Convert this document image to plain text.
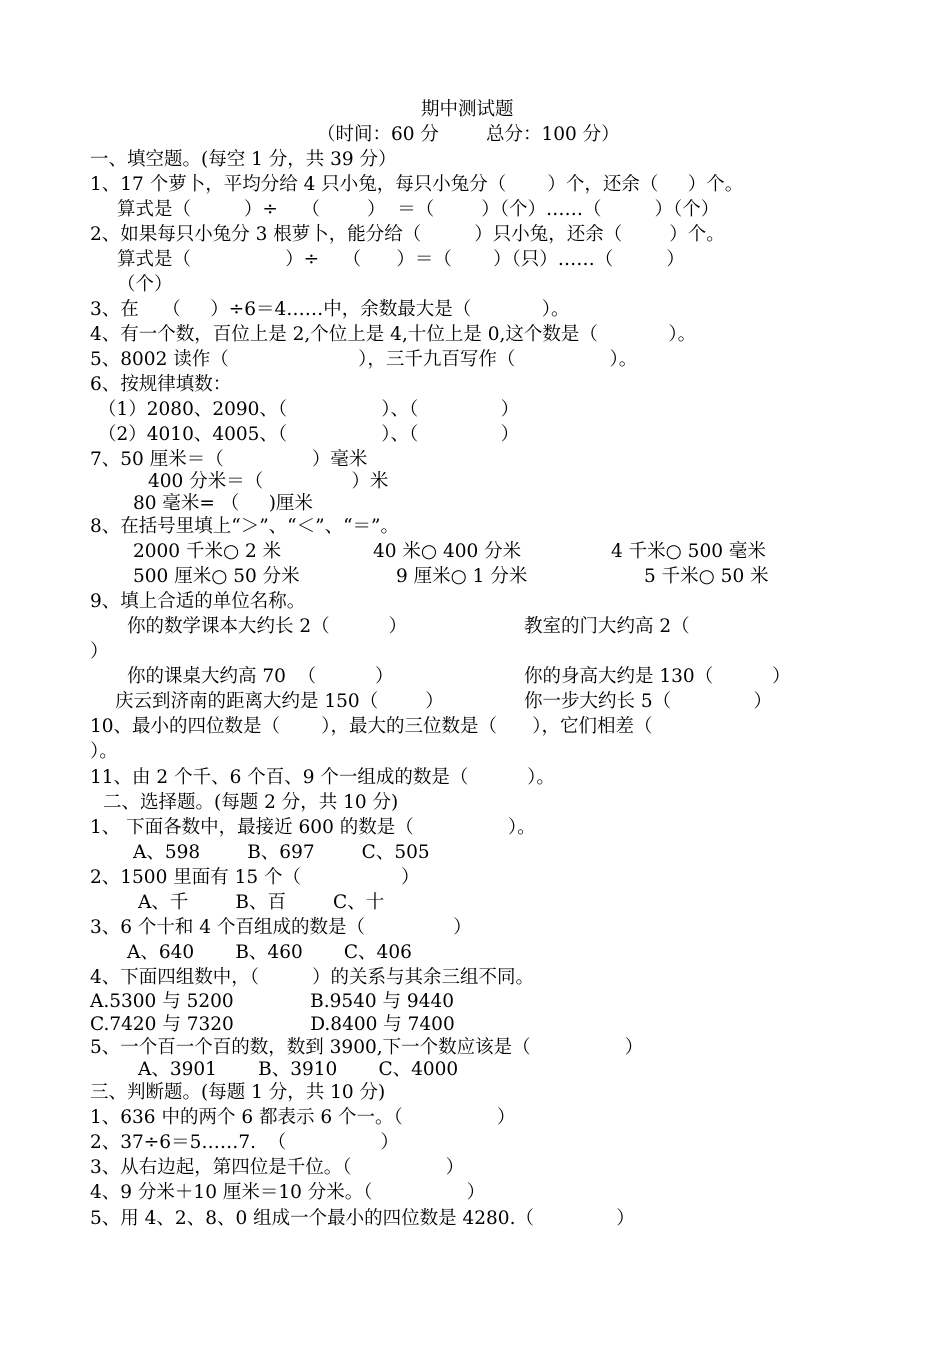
期中测试题
（时间：60 分        总分：100 分）
一、填空题。(每空 1 分，共 39 分）
1、17 个萝卜，平均分给 4 只小兔，每只小兔分（       ）个，还余（     ）个。
算式是（         ）÷    （        ）  ＝（        ）（个）……（         ）（个）
2、如果每只小兔分 3 根萝卜，能分给（         ）只小兔，还余（        ）个。
算式是（                ）÷    （      ）＝（       ）（只）……（         ）
（个）
3、在    （     ）÷6＝4……中，余数最大是（            ）。
4、有一个数，百位上是 2,个位上是 4,十位上是 0,这个数是（            ）。
5、8002 读作（                      ），三千九百写作（                ）。
6、按规律填数：
（1）2080、2090、（                ）、（              ）
（2）4010、4005、（                ）、（              ）
7、50 厘米＝（               ）毫米
400 分米＝（               ）米
80 毫米= （     )厘米
8、在括号里填上“＞”、“＜”、“＝”。
2000 千米○ 2 米	40 米○ 400 分米	4 千米○ 500 毫米
500 厘米○ 50 分米	9 厘米○ 1 分米	5 千米○ 50 米
9、填上合适的单位名称。
你的数学课本大约长 2（          ）	教室的门大约高 2（
）
你的课桌大约高 70  （          ）	你的身高大约是 130（          ）
庆云到济南的距离大约是 150（        ）	你一步大约长 5（              ）
10、最小的四位数是（       ），最大的三位数是（      ），它们相差（
）。
11、由 2 个千、6 个百、9 个一组成的数是（          ）。
二、选择题。(每题 2 分，共 10 分)
1、 下面各数中，最接近 600 的数是（                ）。
A、598        B、697        C、505
2、1500 里面有 15 个（                 ）
A、千        B、百        C、十
3、6 个十和 4 个百组成的数是（               ）
A、640       B、460       C、406
4、下面四组数中，（         ）的关系与其余三组不同。
A.5300 与 5200             B.9540 与 9440
C.7420 与 7320             D.8400 与 7400
5、一个百一个百的数，数到 3900,下一个数应该是（                ）
A、3901       B、3910       C、4000
三、判断题。(每题 1 分，共 10 分)
1、636 中的两个 6 都表示 6 个一。（                ）
2、37÷6＝5……7.  （                ）
3、从右边起，第四位是千位。（                ）
4、9 分米＋10 厘米＝10 分米。（                ）
5、用 4、2、8、0 组成一个最小的四位数是 4280.（              ）
